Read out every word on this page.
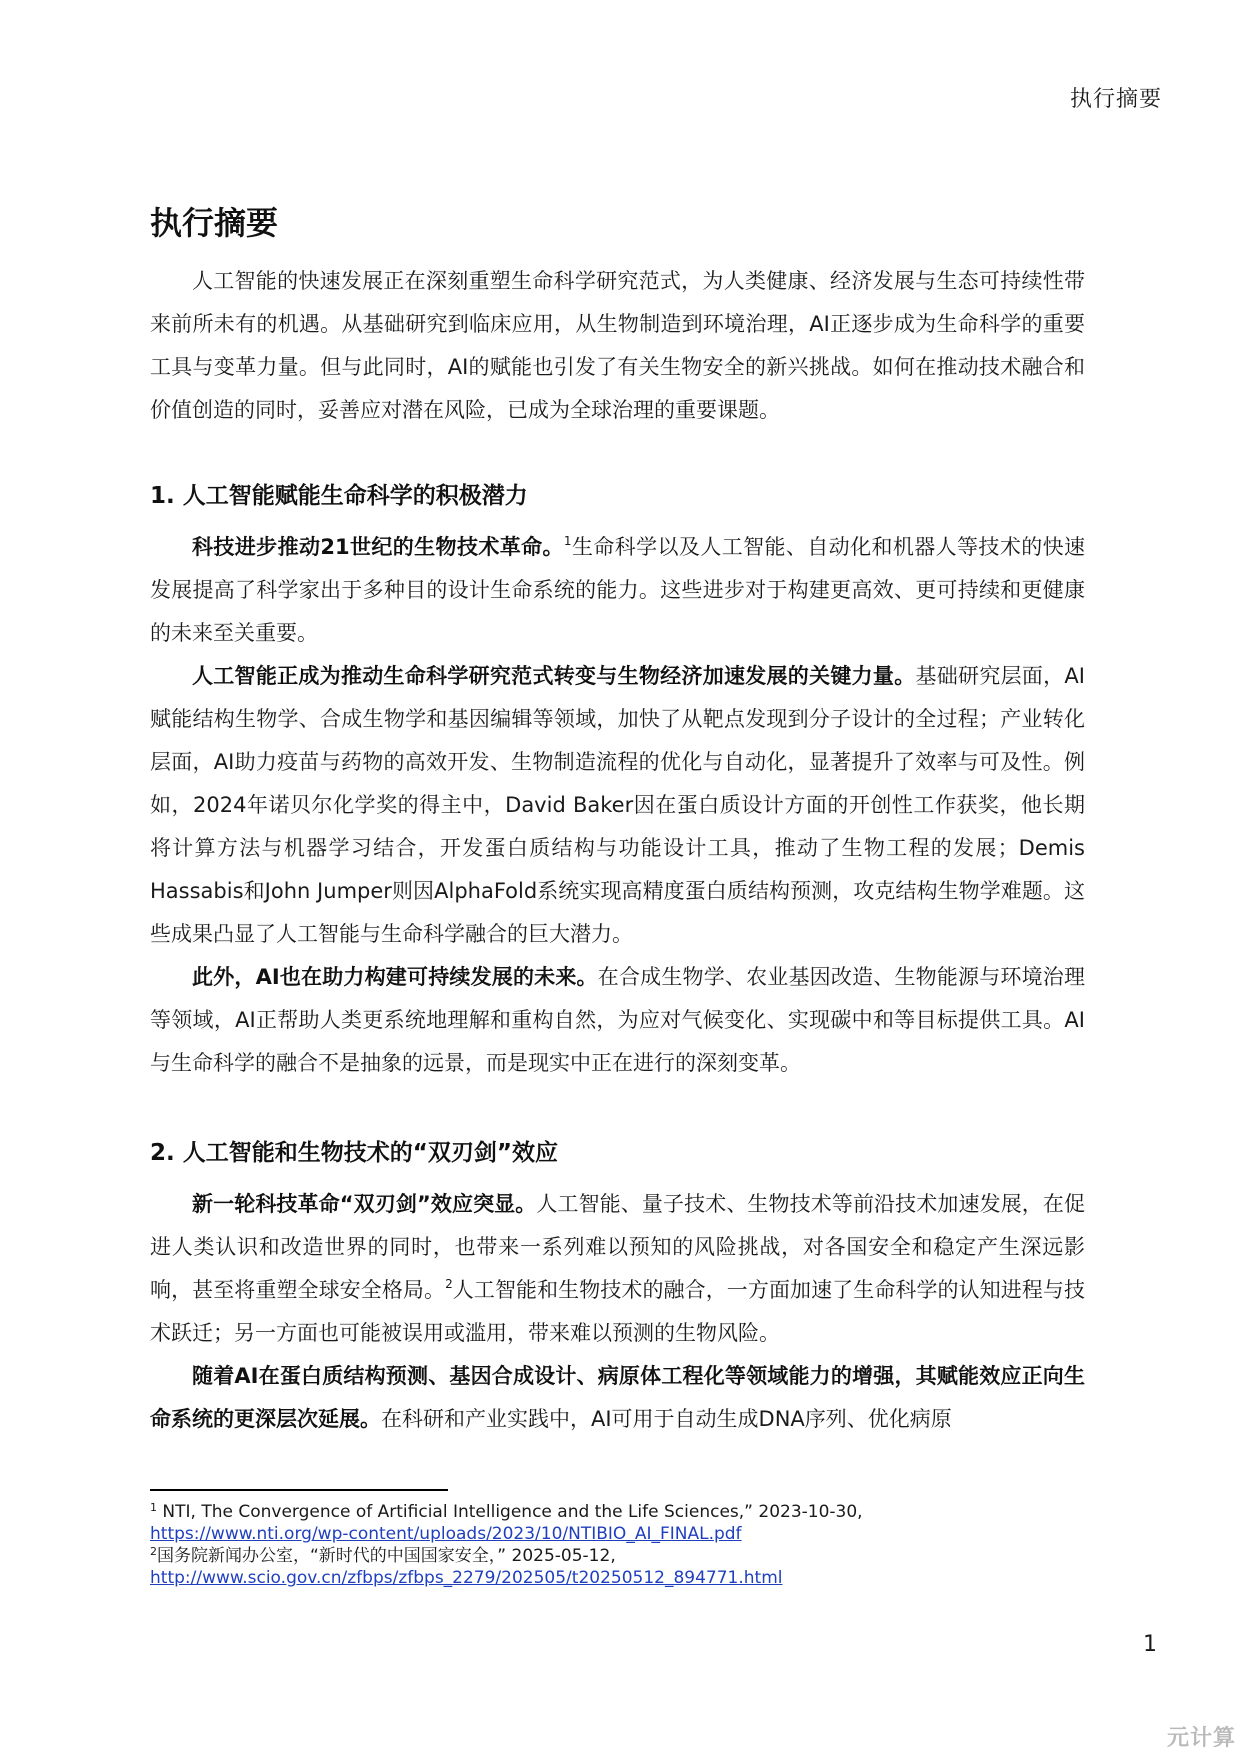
执行摘要
执行摘要

人工智能的快速发展正在深刻重塑生命科学研究范式，为人类健康、经济发展与生态可持续性带来前所未有的机遇。从基础研究到临床应用，从生物制造到环境治理，AI正逐步成为生命科学的重要工具与变革力量。但与此同时，AI的赋能也引发了有关生物安全的新兴挑战。如何在推动技术融合和价值创造的同时，妥善应对潜在风险，已成为全球治理的重要课题。

1. 人工智能赋能生命科学的积极潜力

科技进步推动21世纪的生物技术革命。$^1$生命科学以及人工智能、自动化和机器人等技术的快速发展提高了科学家出于多种目的设计生命系统的能力。这些进步对于构建更高效、更可持续和更健康的未来至关重要。

人工智能正成为推动生命科学研究范式转变与生物经济加速发展的关键力量。基础研究层面，AI赋能结构生物学、合成生物学和基因编辑等领域，加快了从靶点发现到分子设计的全过程；产业转化层面，AI助力疫苗与药物的高效开发、生物制造流程的优化与自动化，显著提升了效率与可及性。例如，2024年诺贝尔化学奖的得主中，David Baker因在蛋白质设计方面的开创性工作获奖，他长期将计算方法与机器学习结合，开发蛋白质结构与功能设计工具，推动了生物工程的发展；Demis Hassabis和John Jumper则因AlphaFold系统实现高精度蛋白质结构预测，攻克结构生物学难题。这些成果凸显了人工智能与生命科学融合的巨大潜力。

此外，AI也在助力构建可持续发展的未来。在合成生物学、农业基因改造、生物能源与环境治理等领域，AI正帮助人类更系统地理解和重构自然，为应对气候变化、实现碳中和等目标提供工具。AI与生命科学的融合不是抽象的远景，而是现实中正在进行的深刻变革。

2. 人工智能和生物技术的“双刃剑”效应

新一轮科技革命“双刃剑”效应突显。人工智能、量子技术、生物技术等前沿技术加速发展，在促进人类认识和改造世界的同时，也带来一系列难以预知的风险挑战，对各国安全和稳定产生深远影响，甚至将重塑全球安全格局。$^2$人工智能和生物技术的融合，一方面加速了生命科学的认知进程与技术跃迁；另一方面也可能被误用或滥用，带来难以预测的生物风险。

随着AI在蛋白质结构预测、基因合成设计、病原体工程化等领域能力的增强，其赋能效应正向生命系统的更深层次延展。在科研和产业实践中，AI可用于自动生成DNA序列、优化病原

$^1$ NTI, The Convergence of Artificial Intelligence and the Life Sciences,” 2023-10-30,
https://www.nti.org/wp-content/uploads/2023/10/NTIBIO_AI_FINAL.pdf
$^2$国务院新闻办公室，“新时代的中国国家安全，” 2025-05-12,
http://www.scio.gov.cn/zfbps/zfbps_2279/202505/t20250512_894771.html
1
元计算
